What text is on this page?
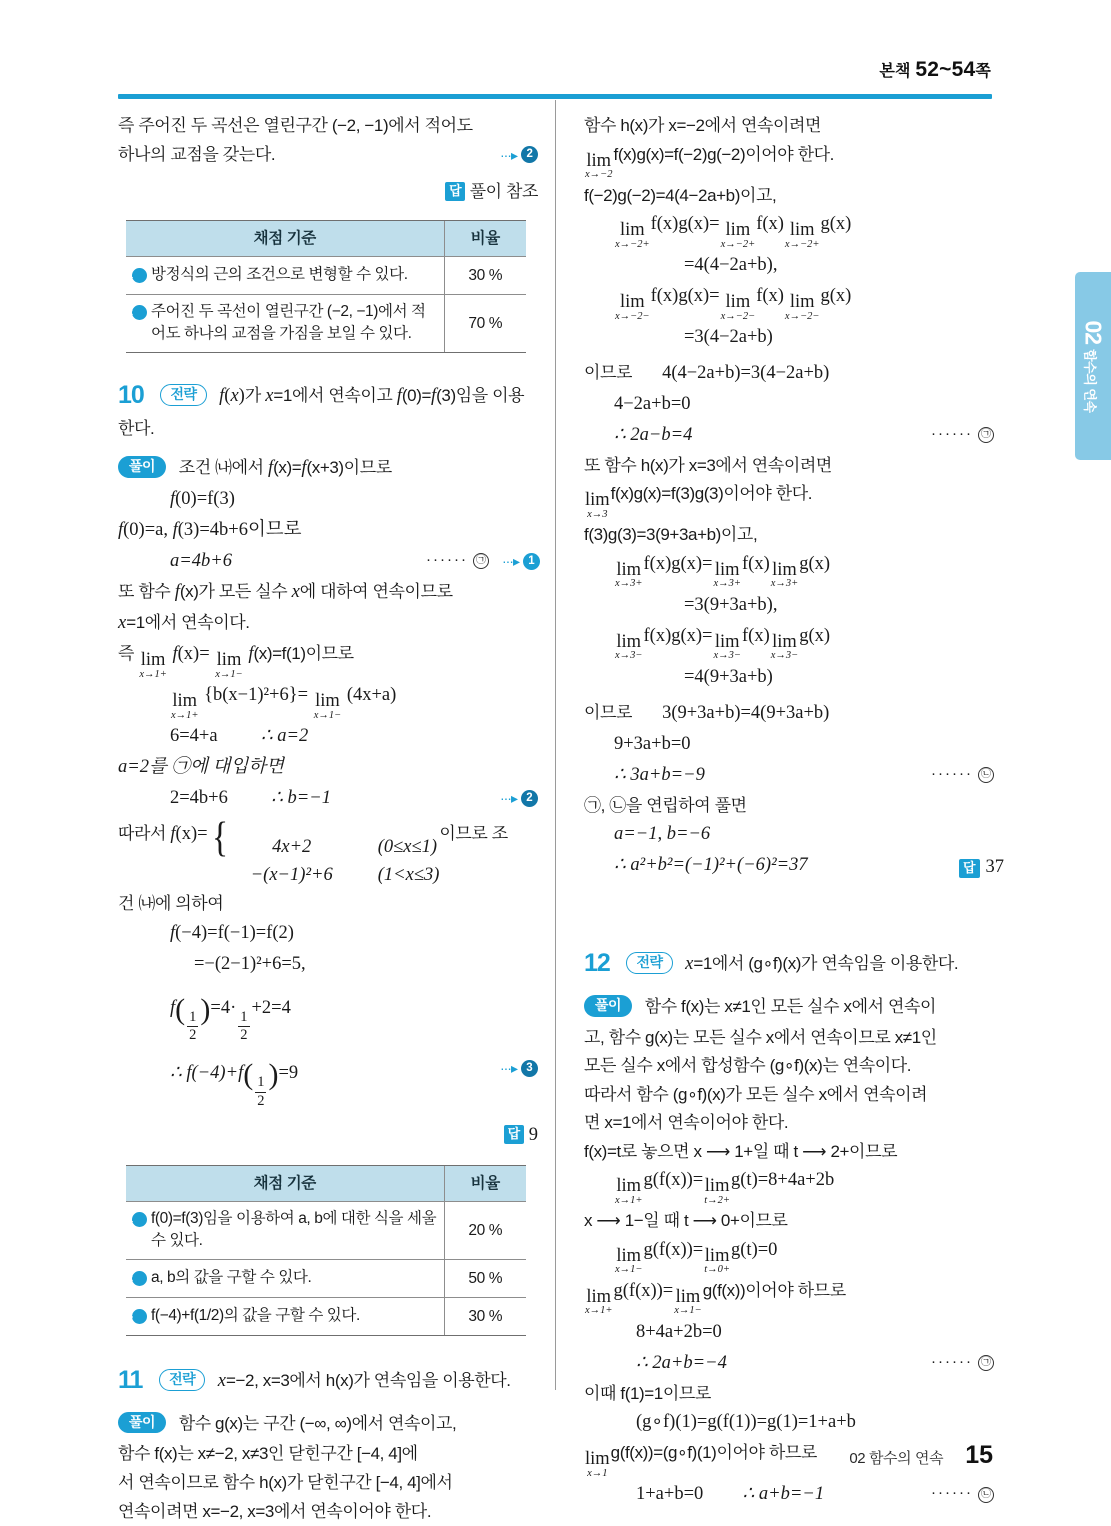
본책 52~54쪽
02
함수의 연속
즉 주어진 두 곡선은 열린구간 (−2, −1)에서 적어도
하나의 교점을 갖는다.	···▸ 2
답 풀이 참조
채점 기준	비율

1 방정식의 근의 조건으로 변형할 수 있다.	30 %

2 주어진 두 곡선이 열린구간 (−2, −1)에서 적어도 하나의 교점을 가짐을 보일 수 있다.	70 %
10 전략 f(x)가 x=1에서 연속이고 f(0)=f(3)임을 이용한다.
풀이 조건 ㈏에서 f(x)=f(x+3)이므로
f(0)=f(3)
f(0)=a, f(3)=4b+6이므로
a=4b+6	······ ㉠ ···▸ 1
또 함수 f(x)가 모든 실수 x에 대하여 연속이므로
x=1에서 연속이다.
즉 lim
x→1+
f(x)= lim
x→1−
f(x)=f(1)이므로
lim
x→1+
{b(x−1)²+6}= lim
x→1−
(4x+a)
6=4+a ∴ a=2
a=2를 ㉠에 대입하면
2=4b+6 ∴ b=−1	···▸ 2
따라서 f(x)={	4x+2	(0≤x≤1)
−(x−1)²+6	(1<x≤3)
이므로 조
건 ㈏에 의하여
f(−4)=f(−1)=f(2)
=−(2−1)²+6=5,
f(
$\frac{1}{2}$
)=4·
$\frac{1}{2}$
+2=4
∴ f(−4)+f(
$\frac{1}{2}$
)=9	···▸ 3
답 9
채점 기준	비율

1 f(0)=f(3)임을 이용하여 a, b에 대한 식을 세울 수 있다.	20 %

2 a, b의 값을 구할 수 있다.	50 %

3 f(−4)+f(1/2)의 값을 구할 수 있다.	30 %
11 전략 x=−2, x=3에서 h(x)가 연속임을 이용한다.
풀이 함수 g(x)는 구간 (−∞, ∞)에서 연속이고,
함수 f(x)는 x≠−2, x≠3인 닫힌구간 [−4, 4]에
서 연속이므로 함수 h(x)가 닫힌구간 [−4, 4]에서
연속이려면 x=−2, x=3에서 연속이어야 한다.
함수 h(x)가 x=−2에서 연속이려면
lim
x→−2
f(x)g(x)=f(−2)g(−2)이어야 한다.
f(−2)g(−2)=4(4−2a+b)이고,
lim
x→−2+
f(x)g(x)= lim
x→−2+
f(x) lim
x→−2+
g(x)
=4(4−2a+b),
lim
x→−2−
f(x)g(x)= lim
x→−2−
f(x) lim
x→−2−
g(x)
=3(4−2a+b)
이므로 4(4−2a+b)=3(4−2a+b)
4−2a+b=0
∴ 2a−b=4	······ ㉠
또 함수 h(x)가 x=3에서 연속이려면
lim
x→3
f(x)g(x)=f(3)g(3)이어야 한다.
f(3)g(3)=3(9+3a+b)이고,
lim
x→3+
f(x)g(x)= lim
x→3+
f(x) lim
x→3+
g(x)
=3(9+3a+b),
lim
x→3−
f(x)g(x)= lim
x→3−
f(x) lim
x→3−
g(x)
=4(9+3a+b)
이므로 3(9+3a+b)=4(9+3a+b)
9+3a+b=0
∴ 3a+b=−9	······ ㉡
㉠, ㉡을 연립하여 풀면
a=−1, b=−6
∴ a²+b²=(−1)²+(−6)²=37	답 37
12 전략 x=1에서 (g∘f)(x)가 연속임을 이용한다.
풀이 함수 f(x)는 x≠1인 모든 실수 x에서 연속이
고, 함수 g(x)는 모든 실수 x에서 연속이므로 x≠1인
모든 실수 x에서 합성함수 (g∘f)(x)는 연속이다.
따라서 함수 (g∘f)(x)가 모든 실수 x에서 연속이려
면 x=1에서 연속이어야 한다.
f(x)=t로 놓으면 x ⟶ 1+일 때 t ⟶ 2+이므로
lim
x→1+
g(f(x))= lim
t→2+
g(t)=8+4a+2b
x ⟶ 1−일 때 t ⟶ 0+이므로
lim
x→1−
g(f(x))= lim
t→0+
g(t)=0
lim
x→1+
g(f(x))= lim
x→1−
g(f(x))이어야 하므로
8+4a+2b=0
∴ 2a+b=−4	······ ㉠
이때 f(1)=1이므로
(g∘f)(1)=g(f(1))=g(1)=1+a+b
lim
x→1
g(f(x))=(g∘f)(1)이어야 하므로
1+a+b=0 ∴ a+b=−1	······ ㉡
02 함수의 연속 15
